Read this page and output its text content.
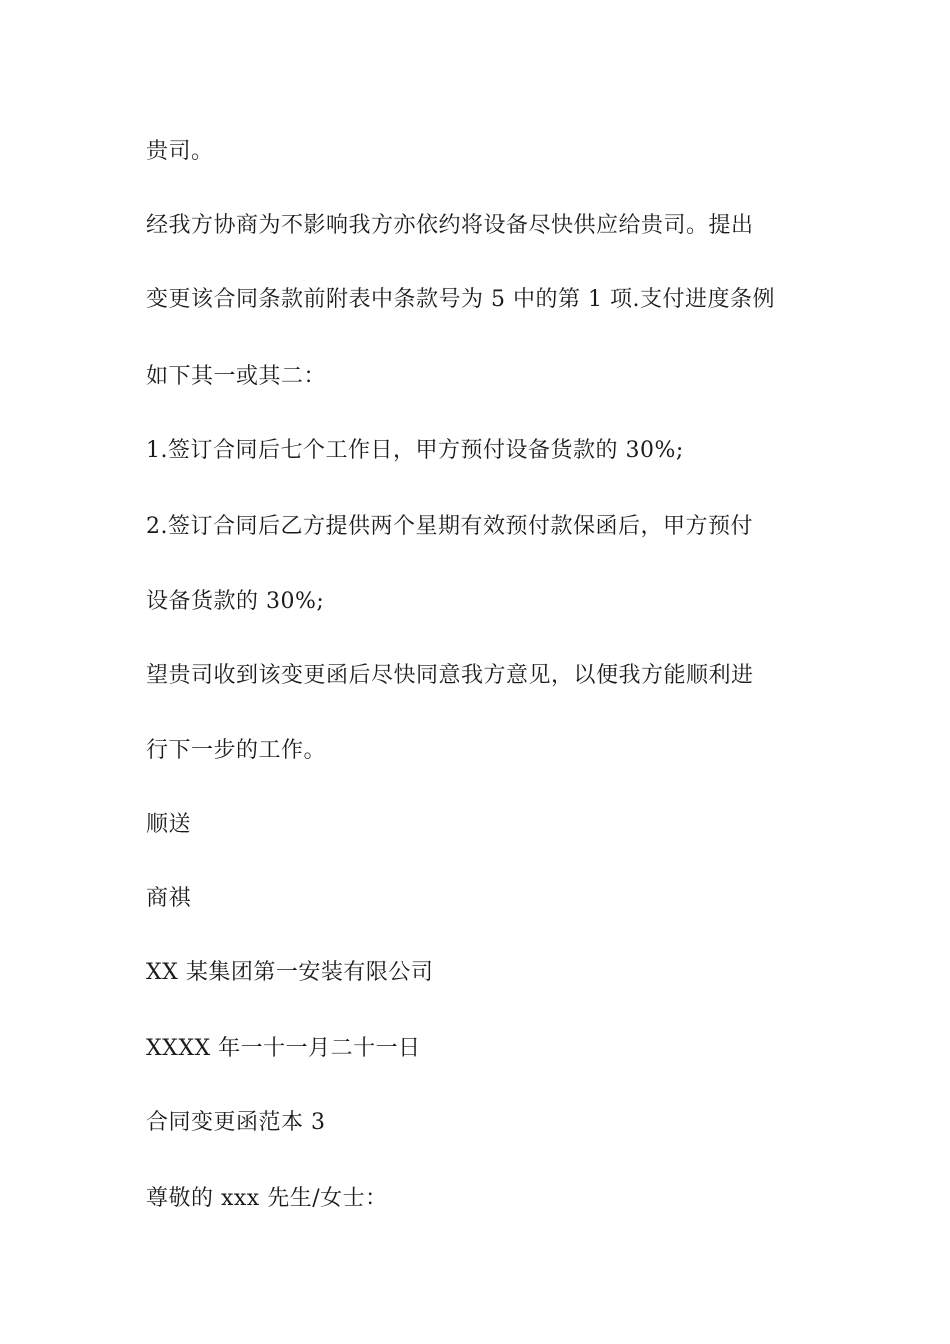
贵司。
经我方协商为不影响我方亦依约将设备尽快供应给贵司。提出
变更该合同条款前附表中条款号为 5 中的第 1 项.支付进度条例
如下其一或其二：
1.签订合同后七个工作日，甲方预付设备货款的 30%;
2.签订合同后乙方提供两个星期有效预付款保函后，甲方预付
设备货款的 30%;
望贵司收到该变更函后尽快同意我方意见，以便我方能顺利进
行下一步的工作。
顺送
商祺
XX 某集团第一安装有限公司
XXXX 年一十一月二十一日
合同变更函范本 3
尊敬的 xxx 先生/女士：
